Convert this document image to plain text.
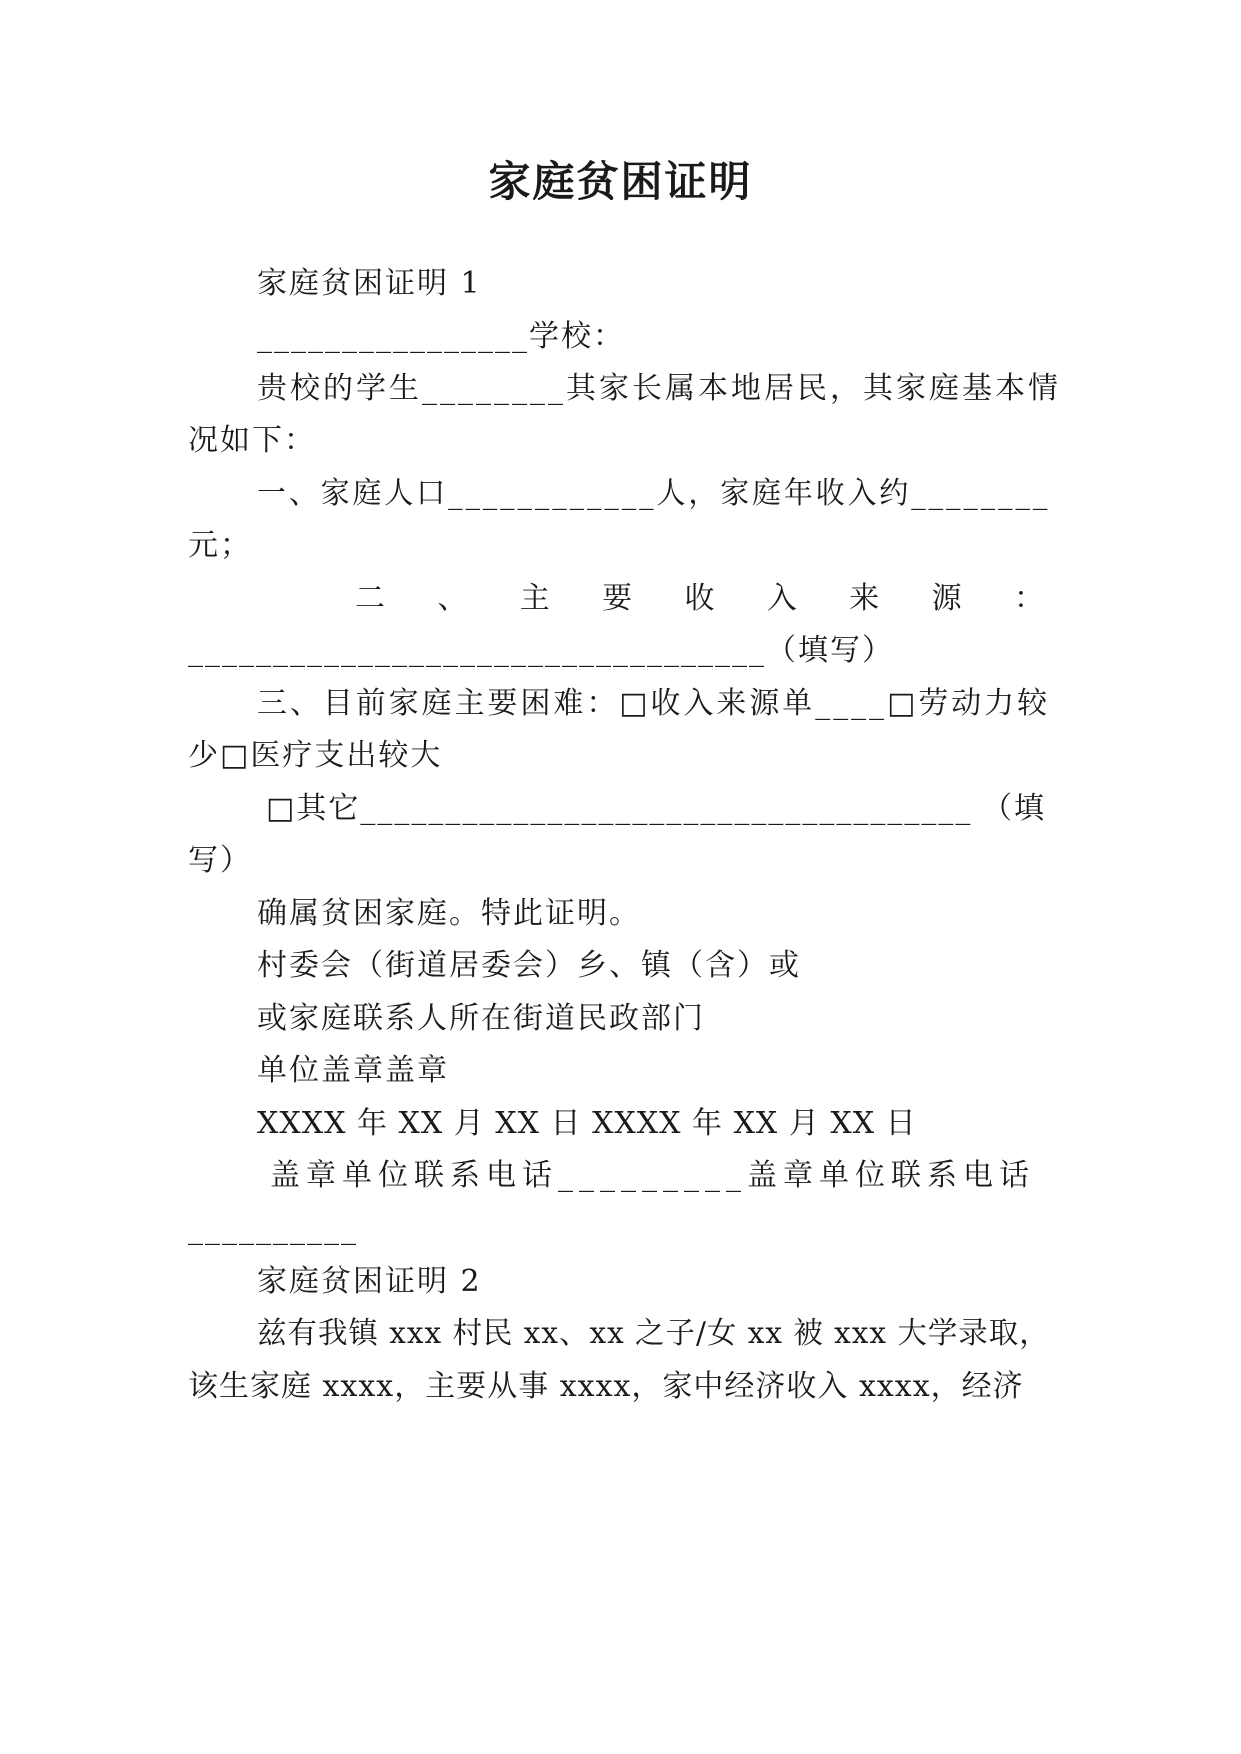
家庭贫困证明
家庭贫困证明 1
________________学校：
贵校的学生________其家长属本地居民，其家庭基本情
况如下：
一、家庭人口____________人，家庭年收入约________
元；
二 、 主 要 收 入 来 源 ：
__________________________________（填写）
三、目前家庭主要困难：□收入来源单____□劳动力较
少□医疗支出较大
□其它____________________________________ （填
写）
确属贫困家庭。特此证明。
村委会（街道居委会）乡、镇（含）或
或家庭联系人所在街道民政部门
单位盖章盖章
XXXX 年 XX 月 XX 日 XXXX 年 XX 月 XX 日
盖章单位联系电话_________盖章单位联系电话
__________
家庭贫困证明 2
兹有我镇 xxx 村民 xx、xx 之子/女 xx 被 xxx 大学录取，
该生家庭 xxxx，主要从事 xxxx，家中经济收入 xxxx，经济
